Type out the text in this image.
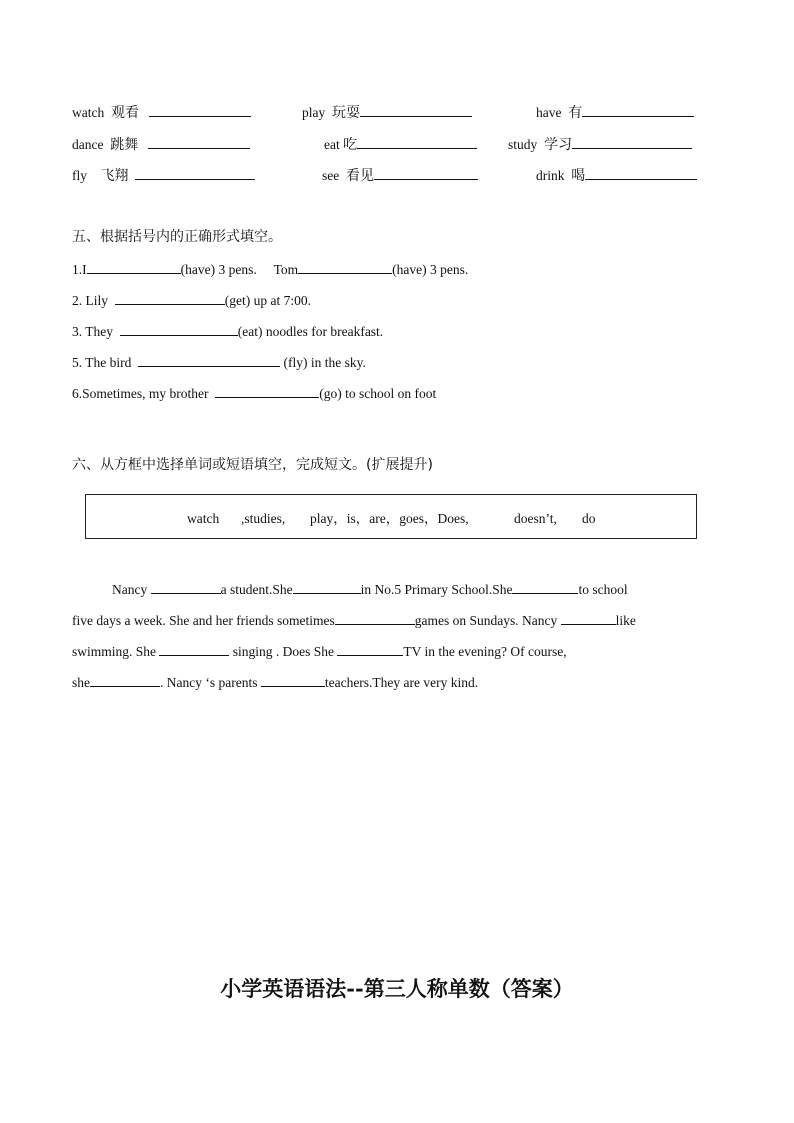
watch 观看	play 玩耍	have 有
dance 跳舞	eat 吃	study 学习
fly 飞翔	see 看见	drink 喝
五、根据括号内的正确形式填空。
1.I	(have) 3 pens. Tom	(have) 3 pens.
2. Lily	(get) up at 7:00.
3. They	(eat) noodles for breakfast.
5. The bird	(fly) in the sky.
6.Sometimes, my brother	(go) to school on foot
六、从方框中选择单词或短语填空，完成短文。(扩展提升)
watch ,studies, play，is，are，goes，Does,	doesn’t, do
Nancy	a student.She	in No.5 Primary School.She	to school
five days a week. She and her friends sometimes	games on Sundays. Nancy	like
swimming. She	singing . Does She	TV in the evening? Of course,
she	. Nancy ‘s parents	teachers.They are very kind.
小学英语语法--第三人称单数（答案）
